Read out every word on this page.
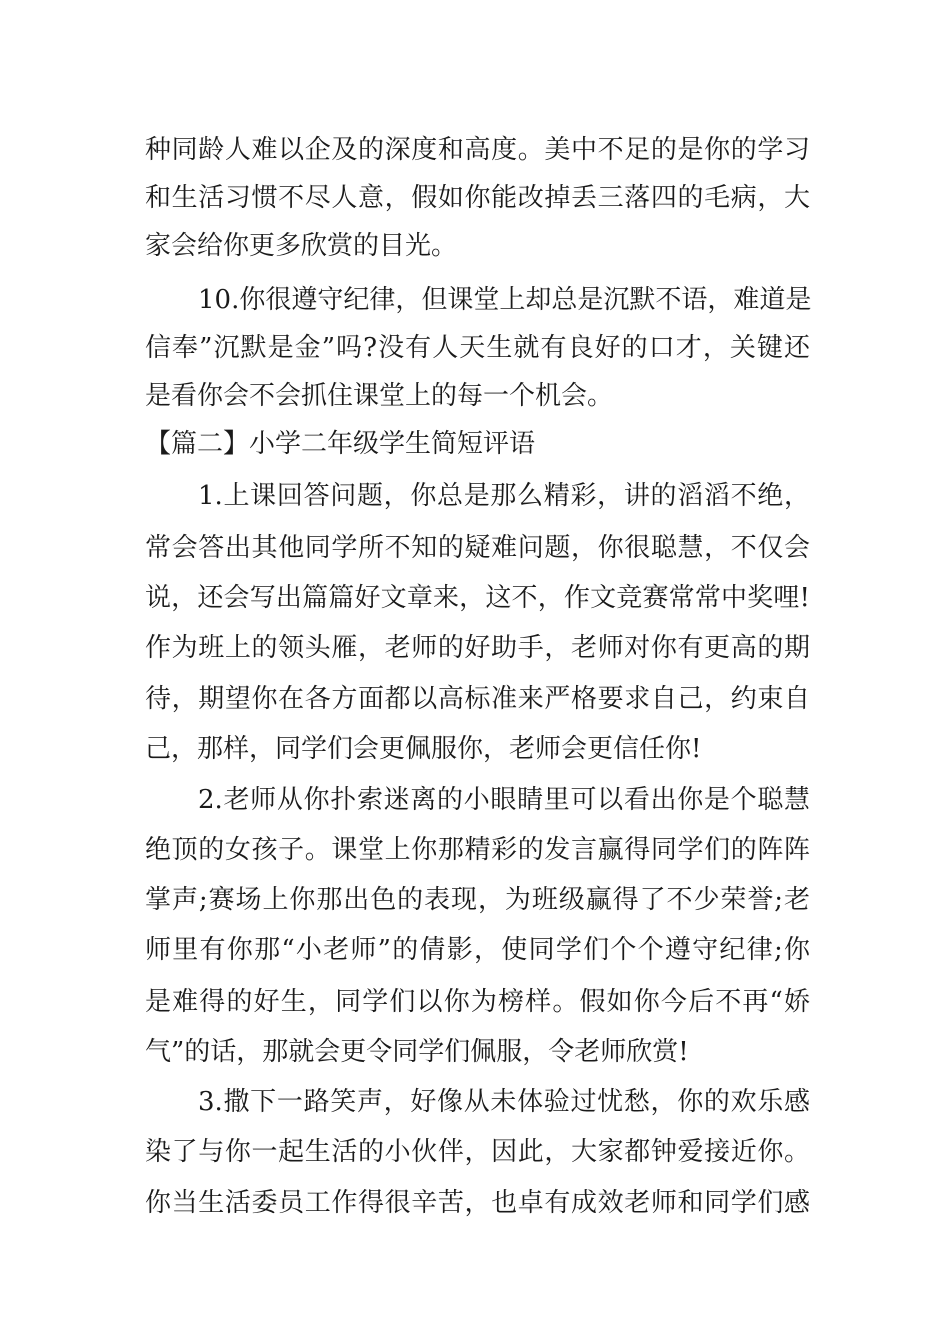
种同龄人难以企及的深度和高度。美中不足的是你的学习
和生活习惯不尽人意，假如你能改掉丢三落四的毛病，大
家会给你更多欣赏的目光。
10.你很遵守纪律，但课堂上却总是沉默不语，难道是
信奉”沉默是金”吗?没有人天生就有良好的口才，关键还
是看你会不会抓住课堂上的每一个机会。
【篇二】小学二年级学生简短评语
1.上课回答问题，你总是那么精彩，讲的滔滔不绝，
常会答出其他同学所不知的疑难问题，你很聪慧，不仅会
说，还会写出篇篇好文章来，这不，作文竞赛常常中奖哩!
作为班上的领头雁，老师的好助手，老师对你有更高的期
待，期望你在各方面都以高标准来严格要求自己，约束自
己，那样，同学们会更佩服你，老师会更信任你!
2.老师从你扑索迷离的小眼睛里可以看出你是个聪慧
绝顶的女孩子。课堂上你那精彩的发言赢得同学们的阵阵
掌声;赛场上你那出色的表现，为班级赢得了不少荣誉;老
师里有你那“小老师”的倩影，使同学们个个遵守纪律;你
是难得的好生，同学们以你为榜样。假如你今后不再“娇
气”的话，那就会更令同学们佩服，令老师欣赏!
3.撒下一路笑声，好像从未体验过忧愁，你的欢乐感
染了与你一起生活的小伙伴，因此，大家都钟爱接近你。
你当生活委员工作得很辛苦，也卓有成效老师和同学们感
